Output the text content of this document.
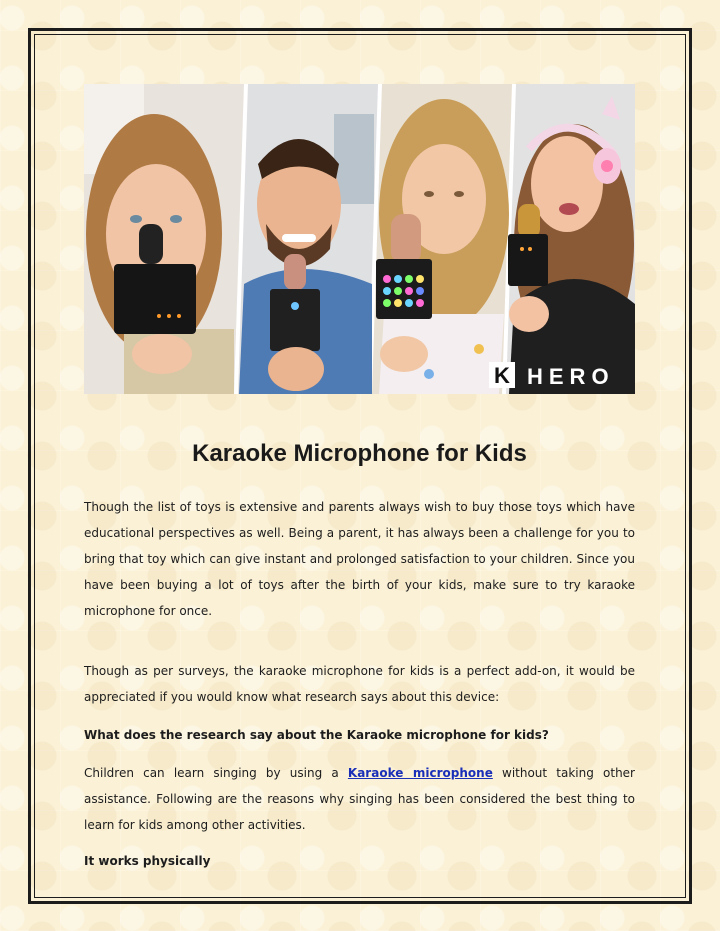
K HERO
Karaoke Microphone for Kids

Though the list of toys is extensive and parents always wish to buy those toys which have educational perspectives as well. Being a parent, it has always been a challenge for you to bring that toy which can give instant and prolonged satisfaction to your children. Since you have been buying a lot of toys after the birth of your kids, make sure to try karaoke microphone for once.

Though as per surveys, the karaoke microphone for kids is a perfect add-on, it would be appreciated if you would know what research says about this device:

What does the research say about the Karaoke microphone for kids?

Children can learn singing by using a Karaoke microphone without taking other assistance. Following are the reasons why singing has been considered the best thing to learn for kids among other activities.

It works physically
